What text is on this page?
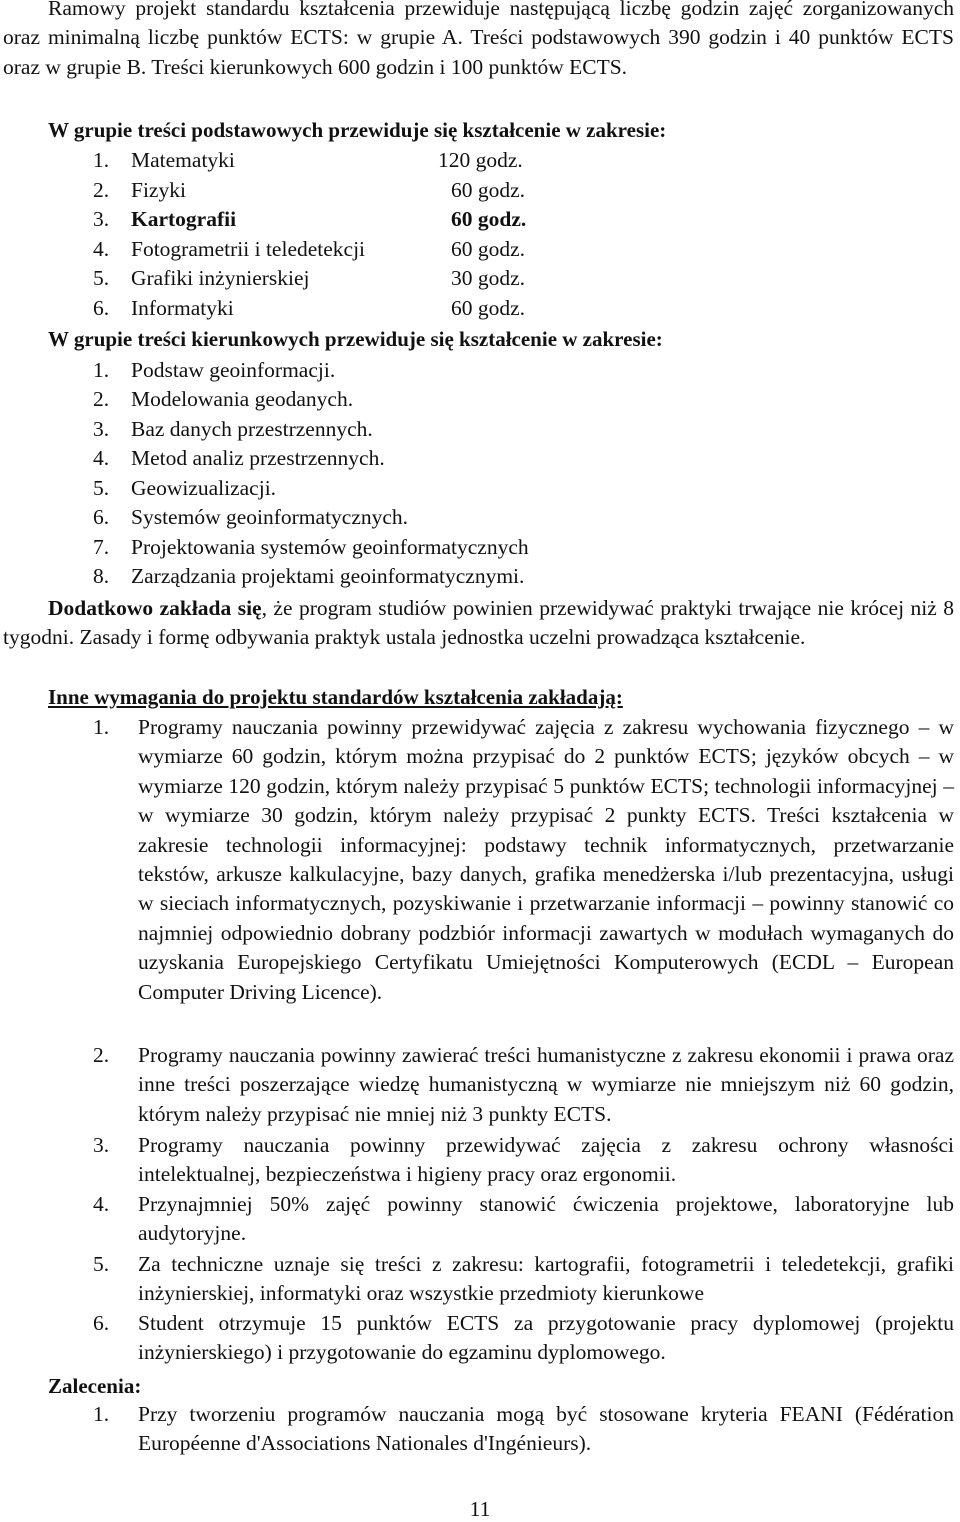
Ramowy projekt standardu kształcenia przewiduje następującą liczbę godzin zajęć zorganizowanych oraz minimalną liczbę punktów ECTS: w grupie A. Treści podstawowych 390 godzin i 40 punktów ECTS oraz w grupie B. Treści kierunkowych 600 godzin i 100 punktów ECTS.
W grupie treści podstawowych przewiduje się kształcenie w zakresie:
1.	Matematyki	120 godz.
2.	Fizyki	60 godz.
3.	Kartografii	60 godz.
4.	Fotogrametrii i teledetekcji	60 godz.
5.	Grafiki inżynierskiej	30 godz.
6.	Informatyki	60 godz.
W grupie treści kierunkowych przewiduje się kształcenie w zakresie:
1.	Podstaw geoinformacji.
2.	Modelowania geodanych.
3.	Baz danych przestrzennych.
4.	Metod analiz przestrzennych.
5.	Geowizualizacji.
6.	Systemów geoinformatycznych.
7.	Projektowania systemów geoinformatycznych
8.	Zarządzania projektami geoinformatycznymi.
Dodatkowo zakłada się, że program studiów powinien przewidywać praktyki trwające nie krócej niż 8 tygodni. Zasady i formę odbywania praktyk ustala jednostka uczelni prowadząca kształcenie.
Inne wymagania do projektu standardów kształcenia zakładają:
1.	Programy nauczania powinny przewidywać zajęcia z zakresu wychowania fizycznego – w wymiarze 60 godzin, którym można przypisać do 2 punktów ECTS; języków obcych – w wymiarze 120 godzin, którym należy przypisać 5 punktów ECTS; technologii informacyjnej – w wymiarze 30 godzin, którym należy przypisać 2 punkty ECTS. Treści kształcenia w zakresie technologii informacyjnej: podstawy technik informatycznych, przetwarzanie tekstów, arkusze kalkulacyjne, bazy danych, grafika menedżerska i/lub prezentacyjna, usługi w sieciach informatycznych, pozyskiwanie i przetwarzanie informacji – powinny stanowić co najmniej odpowiednio dobrany podzbiór informacji zawartych w modułach wymaganych do uzyskania Europejskiego Certyfikatu Umiejętności Komputerowych (ECDL – European Computer Driving Licence).
2.	Programy nauczania powinny zawierać treści humanistyczne z zakresu ekonomii i prawa oraz inne treści poszerzające wiedzę humanistyczną w wymiarze nie mniejszym niż 60 godzin, którym należy przypisać nie mniej niż 3 punkty ECTS.
3.	Programy nauczania powinny przewidywać zajęcia z zakresu ochrony własności intelektualnej, bezpieczeństwa i higieny pracy oraz ergonomii.
4.	Przynajmniej 50% zajęć powinny stanowić ćwiczenia projektowe, laboratoryjne lub audytoryjne.
5.	Za techniczne uznaje się treści z zakresu: kartografii, fotogrametrii i teledetekcji, grafiki inżynierskiej, informatyki oraz wszystkie przedmioty kierunkowe
6.	Student otrzymuje 15 punktów ECTS za przygotowanie pracy dyplomowej (projektu inżynierskiego) i przygotowanie do egzaminu dyplomowego.
Zalecenia:
1.	Przy tworzeniu programów nauczania mogą być stosowane kryteria FEANI (Fédération Européenne d'Associations Nationales d'Ingénieurs).
11
